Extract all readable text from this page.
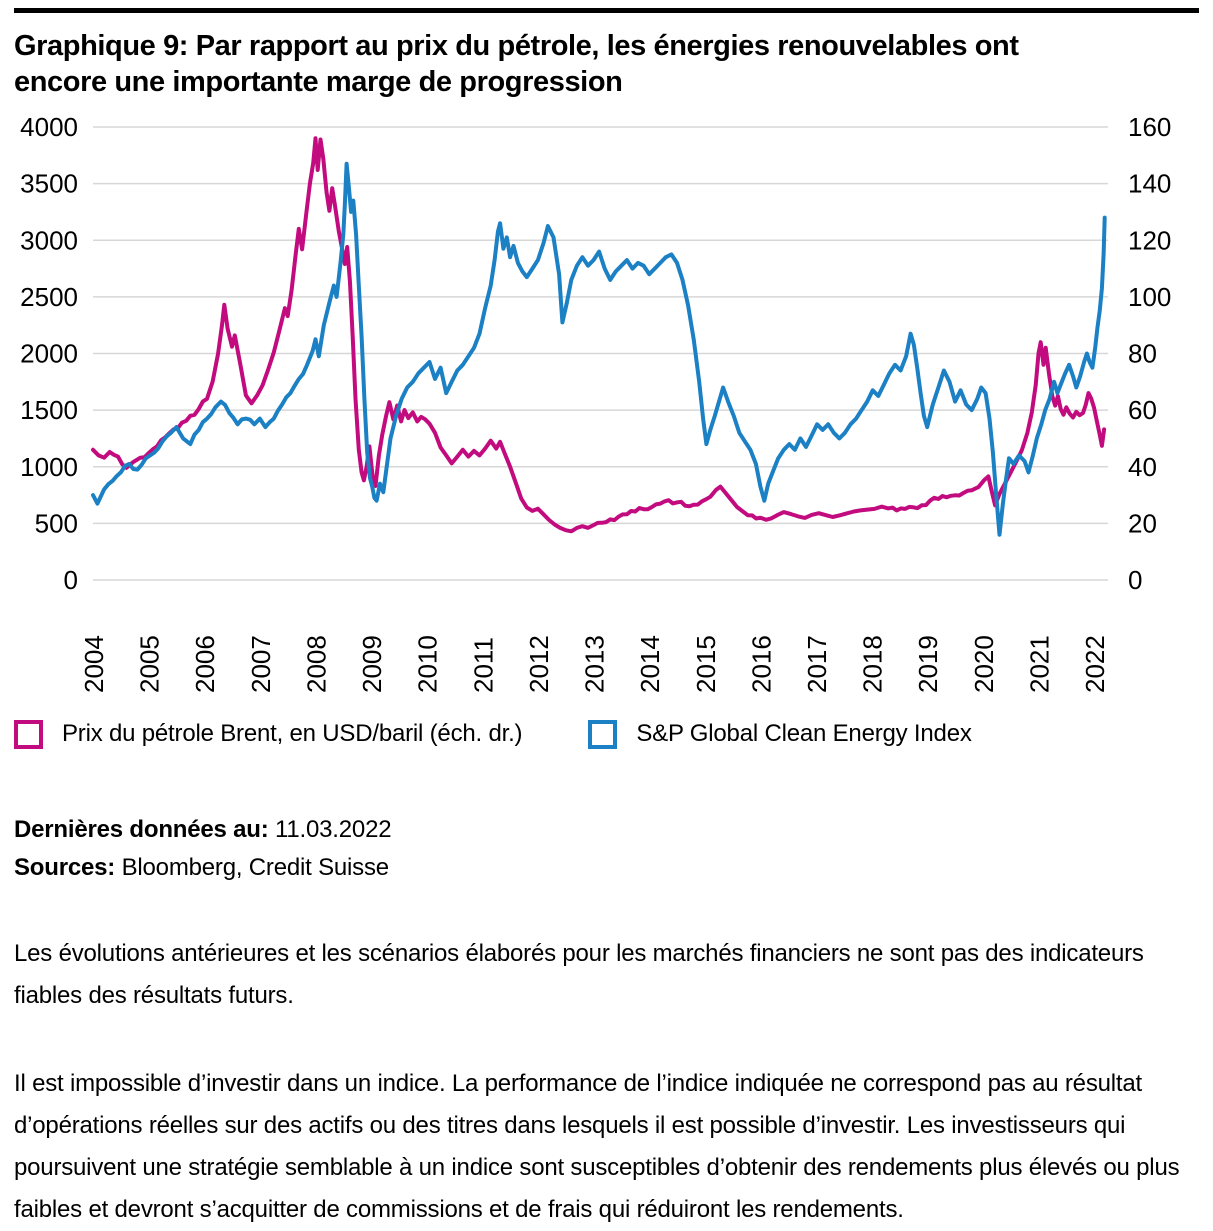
Graphique 9: Par rapport au prix du pétrole, les énergies renouvelables ont
encore une importante marge de progression
4000	160
3500	140
3000	120
2500	100
2000	80
1500	60
1000	40
500	20
0	0
2004 2005 2006 2007 2008 2009 2010 2011 2012 2013 2014 2015 2016 2017 2018 2019 2020 2021 2022
Prix du pétrole Brent, en USD/baril (éch. dr.)	S&P Global Clean Energy Index
Dernières données au: 11.03.2022
Sources: Bloomberg, Credit Suisse
Les évolutions antérieures et les scénarios élaborés pour les marchés financiers ne sont pas des indicateurs fiables des résultats futurs.
Il est impossible d’investir dans un indice. La performance de l’indice indiquée ne correspond pas au résultat d’opérations réelles sur des actifs ou des titres dans lesquels il est possible d’investir. Les investisseurs qui poursuivent une stratégie semblable à un indice sont susceptibles d’obtenir des rendements plus élevés ou plus faibles et devront s’acquitter de commissions et de frais qui réduiront les rendements.
